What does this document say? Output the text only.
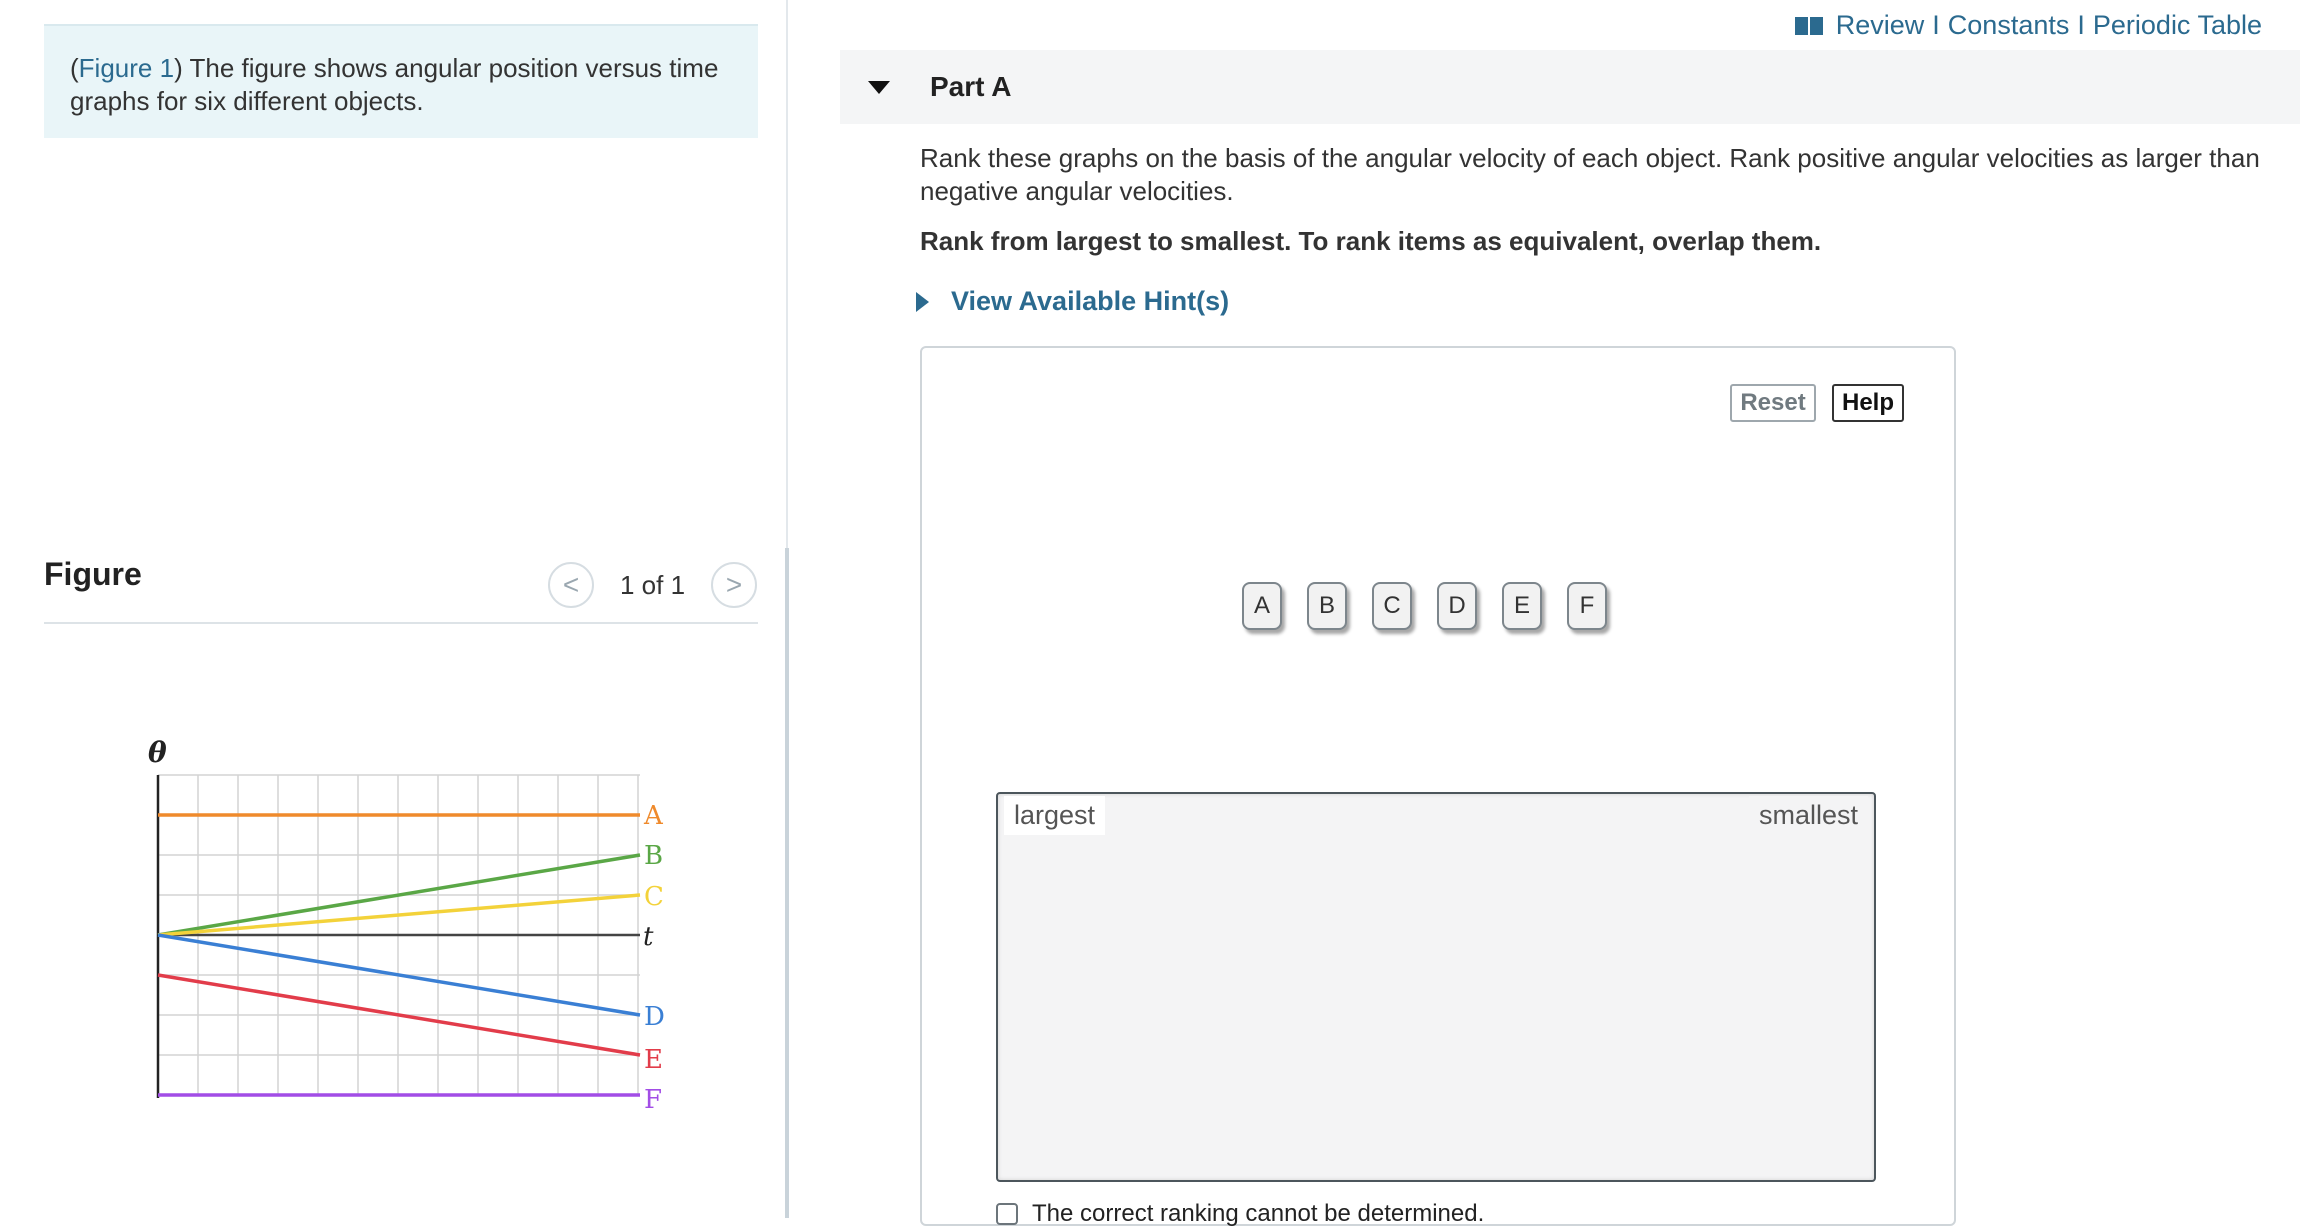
(Figure 1) The figure shows angular position versus time graphs for six different objects.
Figure	< 1 of 1 >
θ
t
A
B
C
D
E
F
Review I Constants I Periodic Table
Part A
Rank these graphs on the basis of the angular velocity of each object. Rank positive angular velocities as larger than negative angular velocities.
Rank from largest to smallest. To rank items as equivalent, overlap them.
View Available Hint(s)
Reset	Help
A	B	C	D	E	F
largest	smallest
The correct ranking cannot be determined.
